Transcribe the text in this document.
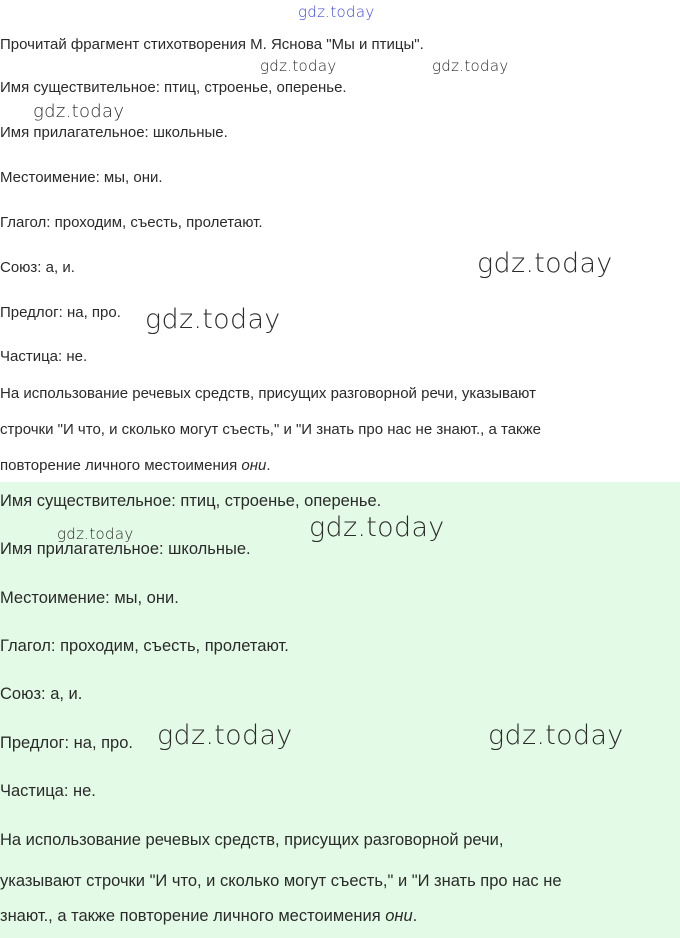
Прочитай фрагмент стихотворения М. Яснова "Мы и птицы".
Имя существительное: птиц, строенье, оперенье.
Имя прилагательное: школьные.
Местоимение: мы, они.
Глагол: проходим, съесть, пролетают.
Союз: а, и.
Предлог: на, про.
Частица: не.
На использование речевых средств, присущих разговорной речи, указывают
строчки "И что, и сколько могут съесть," и "И знать про нас не знают., а также
повторение личного местоимения они.
Имя существительное: птиц, строенье, оперенье.
Имя прилагательное: школьные.
Местоимение: мы, они.
Глагол: проходим, съесть, пролетают.
Союз: а, и.
Предлог: на, про.
Частица: не.
На использование речевых средств, присущих разговорной речи,
указывают строчки "И что, и сколько могут съесть," и "И знать про нас не
знают., а также повторение личного местоимения они.
gdz.today
gdz.today	gdz.today
gdz.today
gdz.today
gdz.today
gdz.today	gdz.today
gdz.today	gdz.today
